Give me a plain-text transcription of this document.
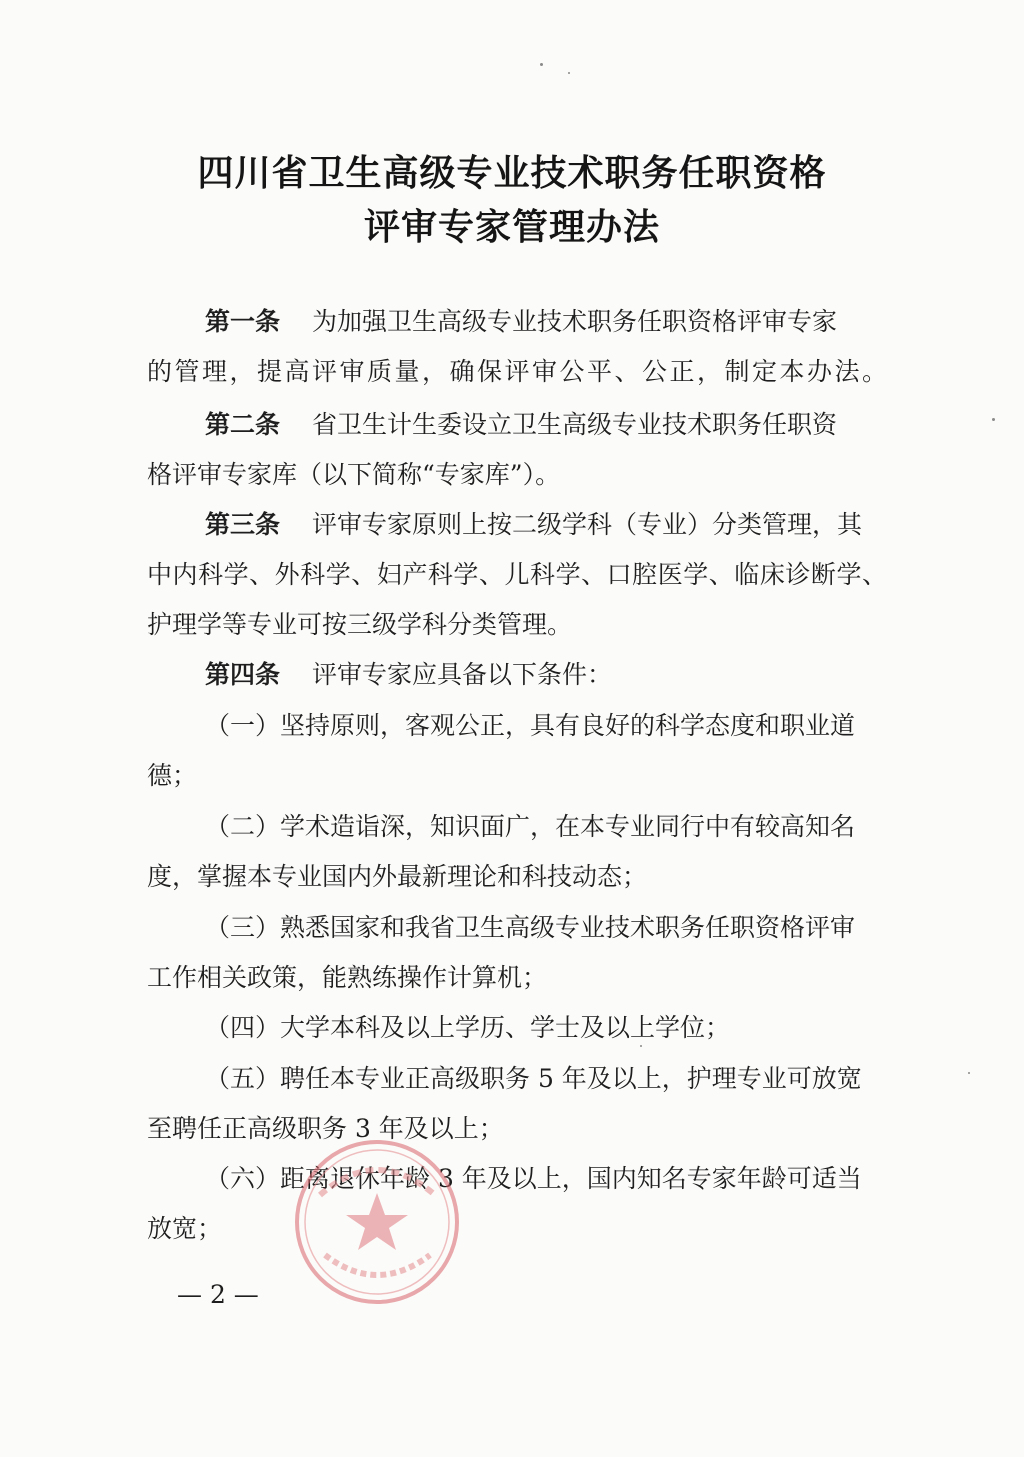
四川省卫生高级专业技术职务任职资格
评审专家管理办法
第一条 为加强卫生高级专业技术职务任职资格评审专家
的管理，提高评审质量，确保评审公平、公正，制定本办法。
第二条 省卫生计生委设立卫生高级专业技术职务任职资
格评审专家库（以下简称“专家库”）。
第三条 评审专家原则上按二级学科（专业）分类管理，其
中内科学、外科学、妇产科学、儿科学、口腔医学、临床诊断学、
护理学等专业可按三级学科分类管理。
第四条 评审专家应具备以下条件：
（一）坚持原则，客观公正，具有良好的科学态度和职业道
德；
（二）学术造诣深，知识面广，在本专业同行中有较高知名
度，掌握本专业国内外最新理论和科技动态；
（三）熟悉国家和我省卫生高级专业技术职务任职资格评审
工作相关政策，能熟练操作计算机；
（四）大学本科及以上学历、学士及以上学位；
（五）聘任本专业正高级职务 5 年及以上，护理专业可放宽
至聘任正高级职务 3 年及以上；
（六）距离退休年龄 3 年及以上，国内知名专家年龄可适当
放宽；
— 2 —
